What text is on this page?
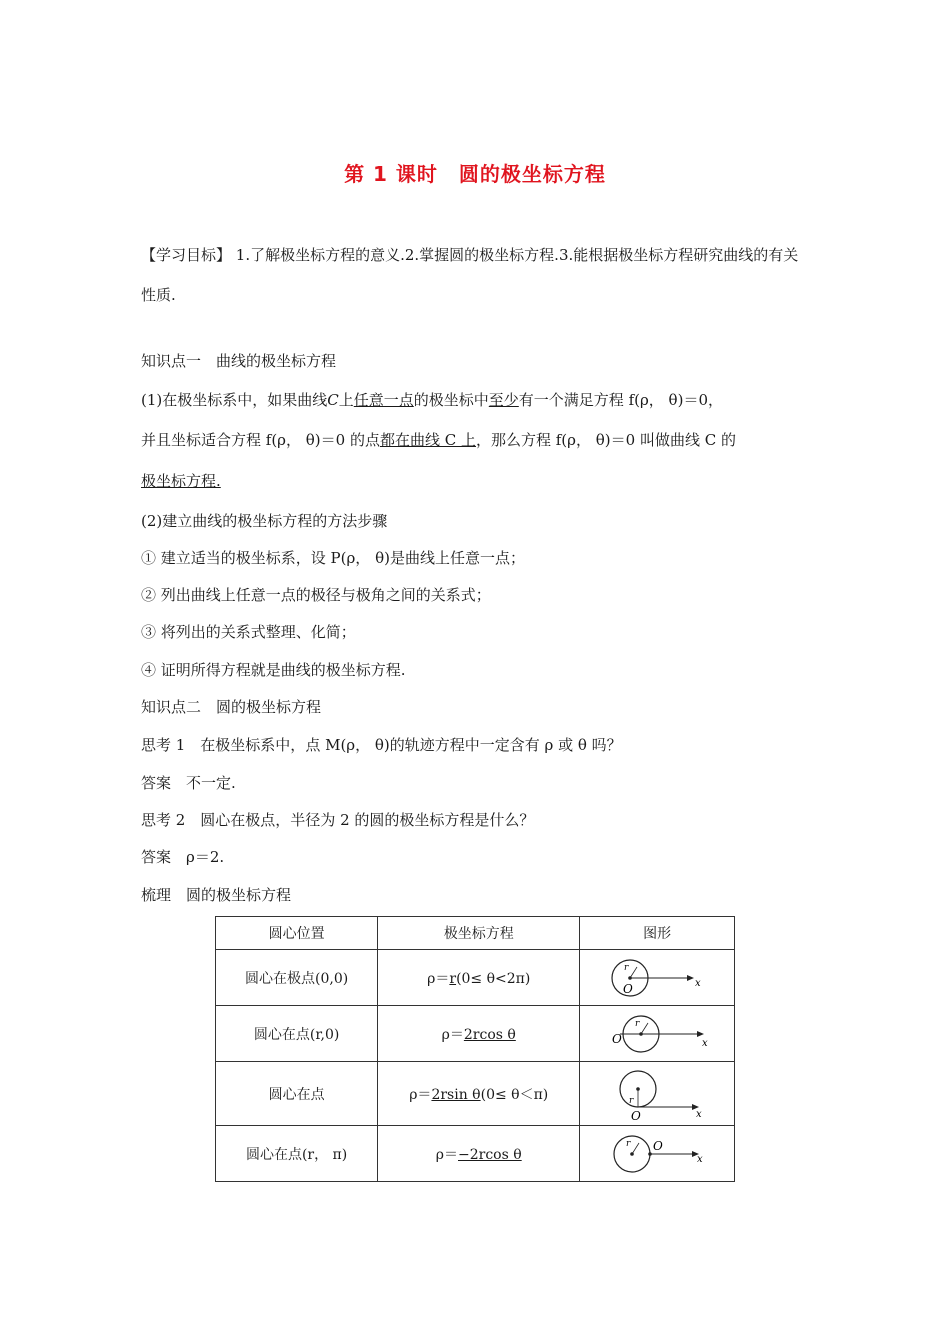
第 1 课时　圆的极坐标方程
【学习目标】 1.了解极坐标方程的意义.2.掌握圆的极坐标方程.3.能根据极坐标方程研究曲线的有关性质.
知识点一　曲线的极坐标方程
(1)在极坐标系中，如果曲线C上任意一点的极坐标中至少有一个满足方程 f(ρ， θ)＝0，
并且坐标适合方程 f(ρ， θ)＝0 的点都在曲线 C 上，那么方程 f(ρ， θ)＝0 叫做曲线 C 的
极坐标方程.
(2)建立曲线的极坐标方程的方法步骤
① 建立适当的极坐标系，设 P(ρ， θ)是曲线上任意一点；
② 列出曲线上任意一点的极径与极角之间的关系式；
③ 将列出的关系式整理、化简；
④ 证明所得方程就是曲线的极坐标方程.
知识点二　圆的极坐标方程
思考 1　在极坐标系中，点 M(ρ， θ)的轨迹方程中一定含有 ρ 或 θ 吗？
答案　不一定.
思考 2　圆心在极点，半径为 2 的圆的极坐标方程是什么？
答案　ρ＝2.
梳理　圆的极坐标方程
圆心位置	极坐标方程	图形
圆心在极点(0,0)	ρ＝r(0≤ θ<2π)	r
O x

圆心在点(r,0)	ρ＝2rcos θ	r
O x

圆心在点	ρ＝2rsin θ(0≤ θ＜π)	r
O x

圆心在点(r， π)	ρ＝−2rcos θ	r O
x
